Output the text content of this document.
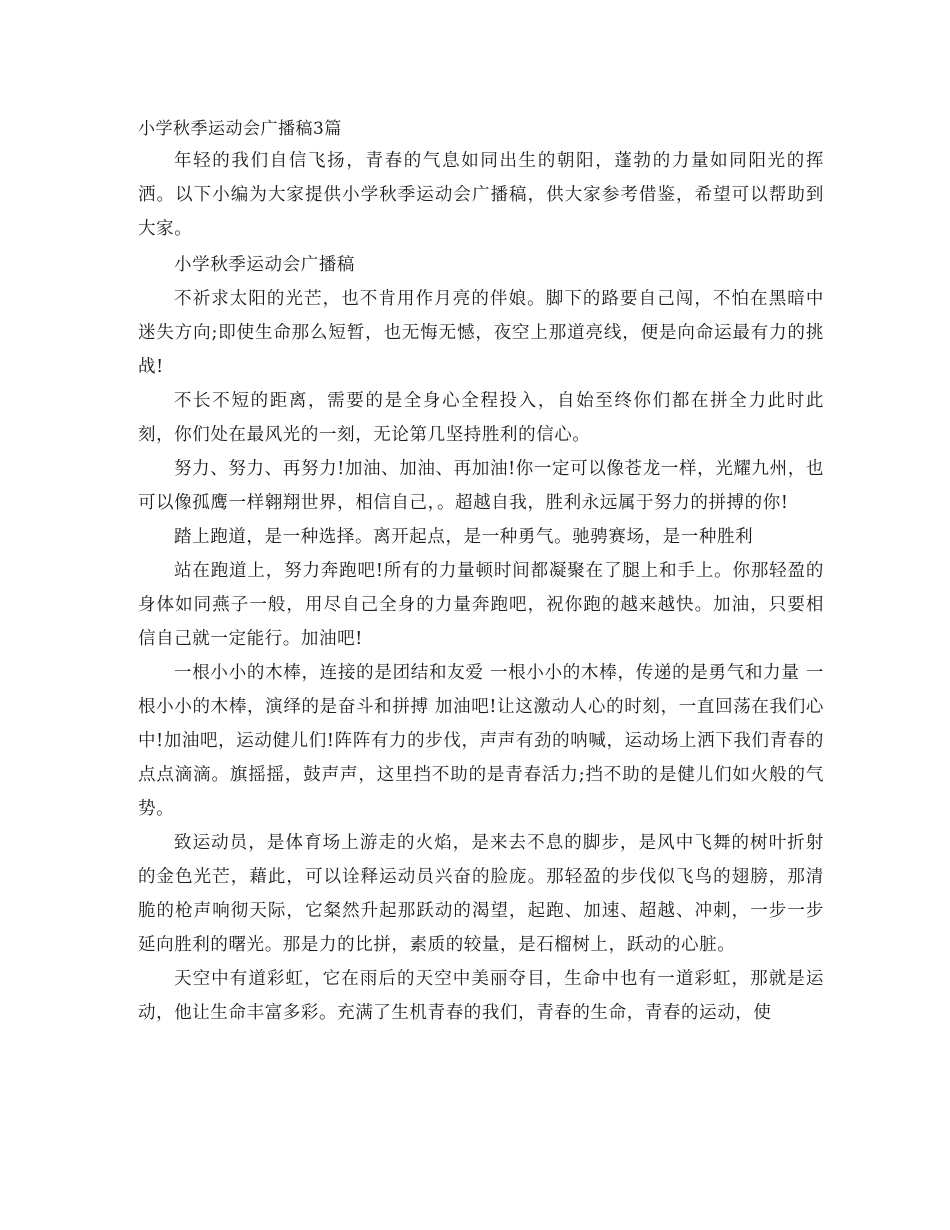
小学秋季运动会广播稿3篇

年轻的我们自信飞扬，青春的气息如同出生的朝阳，蓬勃的力量如同阳光的挥洒。以下小编为大家提供小学秋季运动会广播稿，供大家参考借鉴，希望可以帮助到大家。

小学秋季运动会广播稿

不祈求太阳的光芒，也不肯用作月亮的伴娘。脚下的路要自己闯，不怕在黑暗中迷失方向;即使生命那么短暂，也无悔无憾，夜空上那道亮线，便是向命运最有力的挑战!

不长不短的距离，需要的是全身心全程投入，自始至终你们都在拼全力此时此刻，你们处在最风光的一刻，无论第几坚持胜利的信心。

努力、努力、再努力!加油、加油、再加油!你一定可以像苍龙一样，光耀九州，也可以像孤鹰一样翱翔世界，相信自己，。超越自我，胜利永远属于努力的拼搏的你!

踏上跑道，是一种选择。离开起点，是一种勇气。驰骋赛场，是一种胜利

站在跑道上，努力奔跑吧!所有的力量顿时间都凝聚在了腿上和手上。你那轻盈的身体如同燕子一般，用尽自己全身的力量奔跑吧，祝你跑的越来越快。加油，只要相信自己就一定能行。加油吧!

一根小小的木棒，连接的是团结和友爱 一根小小的木棒，传递的是勇气和力量 一根小小的木棒，演绎的是奋斗和拼搏 加油吧!让这激动人心的时刻，一直回荡在我们心中!加油吧，运动健儿们!阵阵有力的步伐，声声有劲的呐喊，运动场上洒下我们青春的点点滴滴。旗摇摇，鼓声声，这里挡不助的是青春活力;挡不助的是健儿们如火般的气势。

致运动员，是体育场上游走的火焰，是来去不息的脚步，是风中飞舞的树叶折射的金色光芒，藉此，可以诠释运动员兴奋的脸庞。那轻盈的步伐似飞鸟的翅膀，那清脆的枪声响彻天际，它粲然升起那跃动的渴望，起跑、加速、超越、冲刺，一步一步延向胜利的曙光。那是力的比拼，素质的较量，是石榴树上，跃动的心脏。

天空中有道彩虹，它在雨后的天空中美丽夺目，生命中也有一道彩虹，那就是运动，他让生命丰富多彩。充满了生机青春的我们，青春的生命，青春的运动，使
